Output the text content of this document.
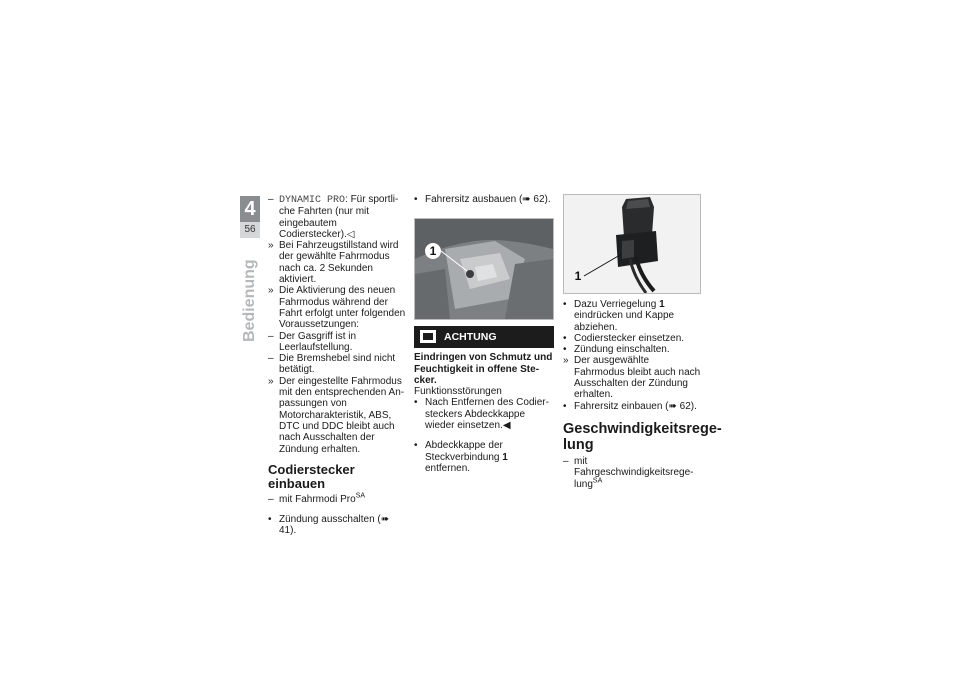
4
56
Bedienung

– DYNAMIC PRO: Für sportliche Fahrten (nur mit eingebautem Codierstecker).◁

» Bei Fahrzeugstillstand wird der gewählte Fahrmodus nach ca. 2 Sekunden aktiviert.

» Die Aktivierung des neuen Fahrmodus während der Fahrt erfolgt unter folgenden Voraussetzungen:

– Der Gasgriff ist in Leerlaufstellung.

– Die Bremshebel sind nicht betätigt.

» Der eingestellte Fahrmodus mit den entsprechenden Anpassungen von Motorcharakteristik, ABS, DTC und DDC bleibt auch nach Ausschalten der Zündung erhalten.

Codierstecker einbauen

– mit Fahrmodi Pro$^{SA}$

• Zündung ausschalten (➠ 41).

• Fahrersitz ausbauen (➠ 62).

1
ACHTUNG
Eindringen von Schmutz und Feuchtigkeit in offene Stecker.
Funktionsstörungen

• Nach Entfernen des Codiersteckers Abdeckkappe wieder einsetzen.◀

• Abdeckkappe der Steckverbindung 1 entfernen.

1

• Dazu Verriegelung 1 eindrücken und Kappe abziehen.

• Codierstecker einsetzen.

• Zündung einschalten.

» Der ausgewählte Fahrmodus bleibt auch nach Ausschalten der Zündung erhalten.

• Fahrersitz einbauen (➠ 62).

Geschwindigkeitsregelung

– mit Fahrgeschwindigkeitsregelung$^{SA}$
